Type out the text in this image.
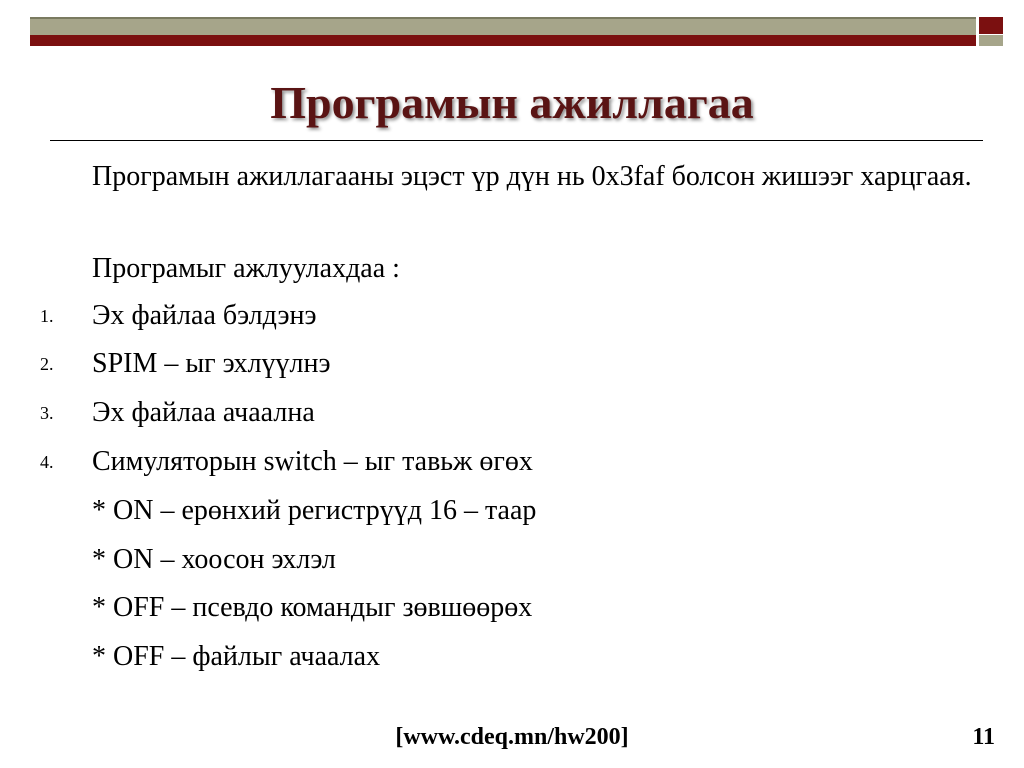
Програмын ажиллагаа
Програмын ажиллагааны эцэст үр дүн нь 0x3faf болсон жишээг харцгаая.
Програмыг ажлуулахдаа :
1. Эх файлаа бэлдэнэ
2. SPIM – ыг эхлүүлнэ
3. Эх файлаа ачаална
4. Симуляторын switch – ыг тавьж өгөх
* ON – ерөнхий регистрүүд 16 – таар
* ON – хоосон эхлэл
* OFF – псевдо командыг зөвшөөрөх
* OFF – файлыг ачаалах
[www.cdeq.mn/hw200]	11
